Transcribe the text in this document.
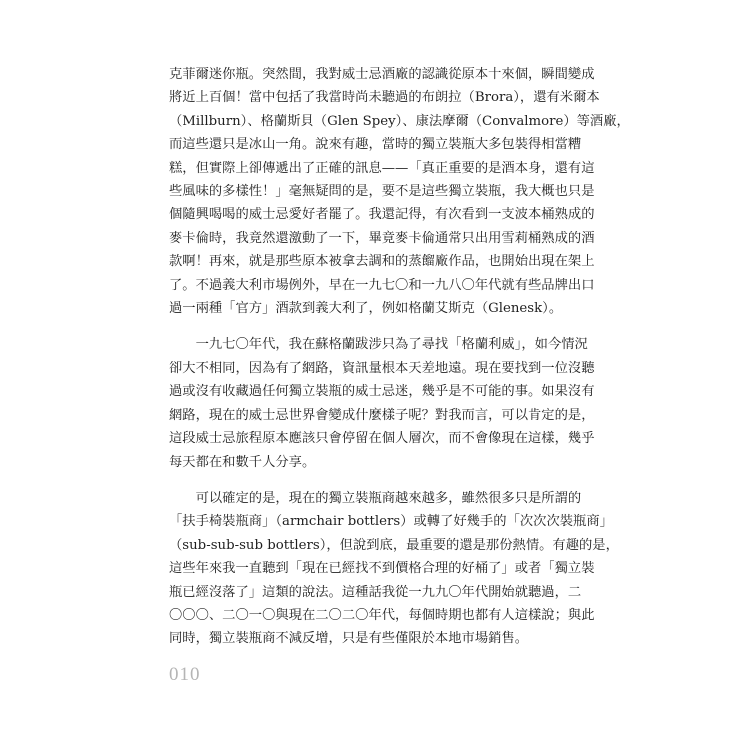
克菲爾迷你瓶。突然間，我對威士忌酒廠的認識從原本十來個，瞬間變成
將近上百個！當中包括了我當時尚未聽過的布朗拉（Brora），還有米爾本
（Millburn）、格蘭斯貝（Glen Spey）、康法摩爾（Convalmore）等酒廠，
而這些還只是冰山一角。說來有趣，當時的獨立裝瓶大多包裝得相當糟
糕，但實際上卻傳遞出了正確的訊息——「真正重要的是酒本身，還有這
些風味的多樣性！」毫無疑問的是，要不是這些獨立裝瓶，我大概也只是
個隨興喝喝的威士忌愛好者罷了。我還記得，有次看到一支波本桶熟成的
麥卡倫時，我竟然還激動了一下，畢竟麥卡倫通常只出用雪莉桶熟成的酒
款啊！再來，就是那些原本被拿去調和的蒸餾廠作品，也開始出現在架上
了。不過義大利市場例外，早在一九七〇和一九八〇年代就有些品牌出口
過一兩種「官方」酒款到義大利了，例如格蘭艾斯克（Glenesk）。

　　一九七〇年代，我在蘇格蘭跋涉只為了尋找「格蘭利威」，如今情況
卻大不相同，因為有了網路，資訊量根本天差地遠。現在要找到一位沒聽
過或沒有收藏過任何獨立裝瓶的威士忌迷，幾乎是不可能的事。如果沒有
網路，現在的威士忌世界會變成什麼樣子呢？對我而言，可以肯定的是，
這段威士忌旅程原本應該只會停留在個人層次，而不會像現在這樣，幾乎
每天都在和數千人分享。

　　可以確定的是，現在的獨立裝瓶商越來越多，雖然很多只是所謂的
「扶手椅裝瓶商」（armchair bottlers）或轉了好幾手的「次次次裝瓶商」
（sub-sub-sub bottlers），但說到底，最重要的還是那份熱情。有趣的是，
這些年來我一直聽到「現在已經找不到價格合理的好桶了」或者「獨立裝
瓶已經沒落了」這類的說法。這種話我從一九九〇年代開始就聽過，二
〇〇〇、二〇一〇與現在二〇二〇年代，每個時期也都有人這樣說；與此
同時，獨立裝瓶商不減反增，只是有些僅限於本地市場銷售。

010
